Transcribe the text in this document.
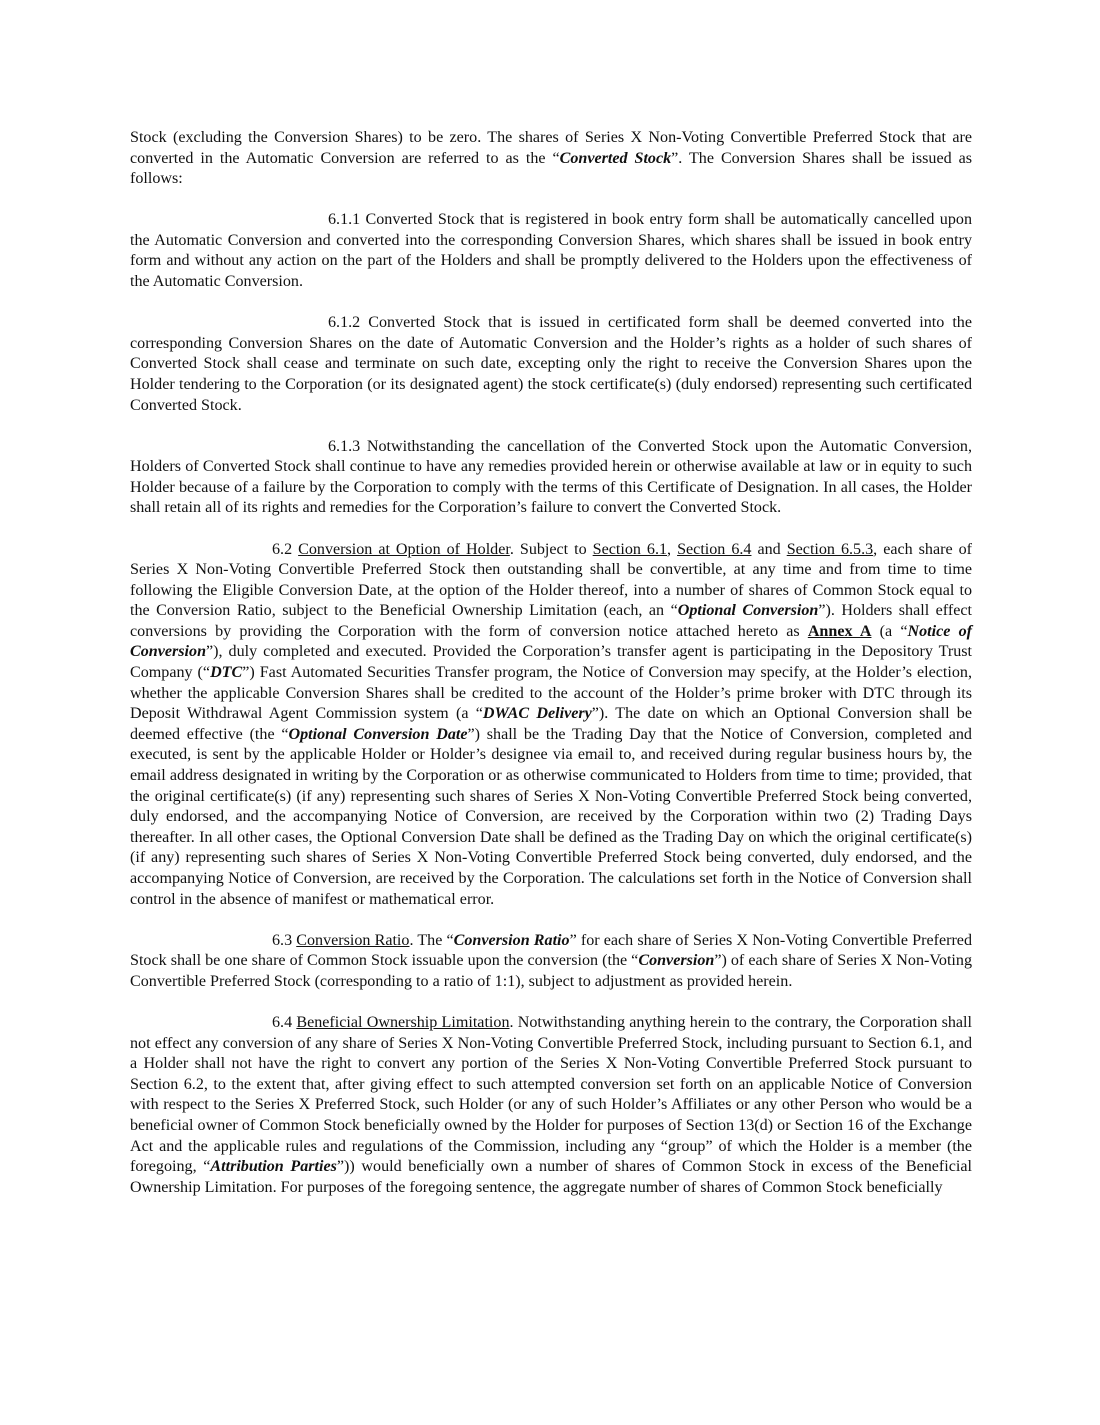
Stock (excluding the Conversion Shares) to be zero. The shares of Series X Non-Voting Convertible Preferred Stock that are converted in the Automatic Conversion are referred to as the “Converted Stock”. The Conversion Shares shall be issued as follows:

6.1.1 Converted Stock that is registered in book entry form shall be automatically cancelled upon the Automatic Conversion and converted into the corresponding Conversion Shares, which shares shall be issued in book entry form and without any action on the part of the Holders and shall be promptly delivered to the Holders upon the effectiveness of the Automatic Conversion.

6.1.2 Converted Stock that is issued in certificated form shall be deemed converted into the corresponding Conversion Shares on the date of Automatic Conversion and the Holder’s rights as a holder of such shares of Converted Stock shall cease and terminate on such date, excepting only the right to receive the Conversion Shares upon the Holder tendering to the Corporation (or its designated agent) the stock certificate(s) (duly endorsed) representing such certificated Converted Stock.

6.1.3 Notwithstanding the cancellation of the Converted Stock upon the Automatic Conversion, Holders of Converted Stock shall continue to have any remedies provided herein or otherwise available at law or in equity to such Holder because of a failure by the Corporation to comply with the terms of this Certificate of Designation. In all cases, the Holder shall retain all of its rights and remedies for the Corporation’s failure to convert the Converted Stock.

6.2 Conversion at Option of Holder. Subject to Section 6.1, Section 6.4 and Section 6.5.3, each share of Series X Non-Voting Convertible Preferred Stock then outstanding shall be convertible, at any time and from time to time following the Eligible Conversion Date, at the option of the Holder thereof, into a number of shares of Common Stock equal to the Conversion Ratio, subject to the Beneficial Ownership Limitation (each, an “Optional Conversion”). Holders shall effect conversions by providing the Corporation with the form of conversion notice attached hereto as Annex A (a “Notice of Conversion”), duly completed and executed. Provided the Corporation’s transfer agent is participating in the Depository Trust Company (“DTC”) Fast Automated Securities Transfer program, the Notice of Conversion may specify, at the Holder’s election, whether the applicable Conversion Shares shall be credited to the account of the Holder’s prime broker with DTC through its Deposit Withdrawal Agent Commission system (a “DWAC Delivery”). The date on which an Optional Conversion shall be deemed effective (the “Optional Conversion Date”) shall be the Trading Day that the Notice of Conversion, completed and executed, is sent by the applicable Holder or Holder’s designee via email to, and received during regular business hours by, the email address designated in writing by the Corporation or as otherwise communicated to Holders from time to time; provided, that the original certificate(s) (if any) representing such shares of Series X Non-Voting Convertible Preferred Stock being converted, duly endorsed, and the accompanying Notice of Conversion, are received by the Corporation within two (2) Trading Days thereafter. In all other cases, the Optional Conversion Date shall be defined as the Trading Day on which the original certificate(s) (if any) representing such shares of Series X Non-Voting Convertible Preferred Stock being converted, duly endorsed, and the accompanying Notice of Conversion, are received by the Corporation. The calculations set forth in the Notice of Conversion shall control in the absence of manifest or mathematical error.

6.3 Conversion Ratio. The “Conversion Ratio” for each share of Series X Non-Voting Convertible Preferred Stock shall be one share of Common Stock issuable upon the conversion (the “Conversion”) of each share of Series X Non-Voting Convertible Preferred Stock (corresponding to a ratio of 1:1), subject to adjustment as provided herein.

6.4 Beneficial Ownership Limitation. Notwithstanding anything herein to the contrary, the Corporation shall not effect any conversion of any share of Series X Non-Voting Convertible Preferred Stock, including pursuant to Section 6.1, and a Holder shall not have the right to convert any portion of the Series X Non-Voting Convertible Preferred Stock pursuant to Section 6.2, to the extent that, after giving effect to such attempted conversion set forth on an applicable Notice of Conversion with respect to the Series X Preferred Stock, such Holder (or any of such Holder’s Affiliates or any other Person who would be a beneficial owner of Common Stock beneficially owned by the Holder for purposes of Section 13(d) or Section 16 of the Exchange Act and the applicable rules and regulations of the Commission, including any “group” of which the Holder is a member (the foregoing, “Attribution Parties”)) would beneficially own a number of shares of Common Stock in excess of the Beneficial Ownership Limitation. For purposes of the foregoing sentence, the aggregate number of shares of Common Stock beneficially
